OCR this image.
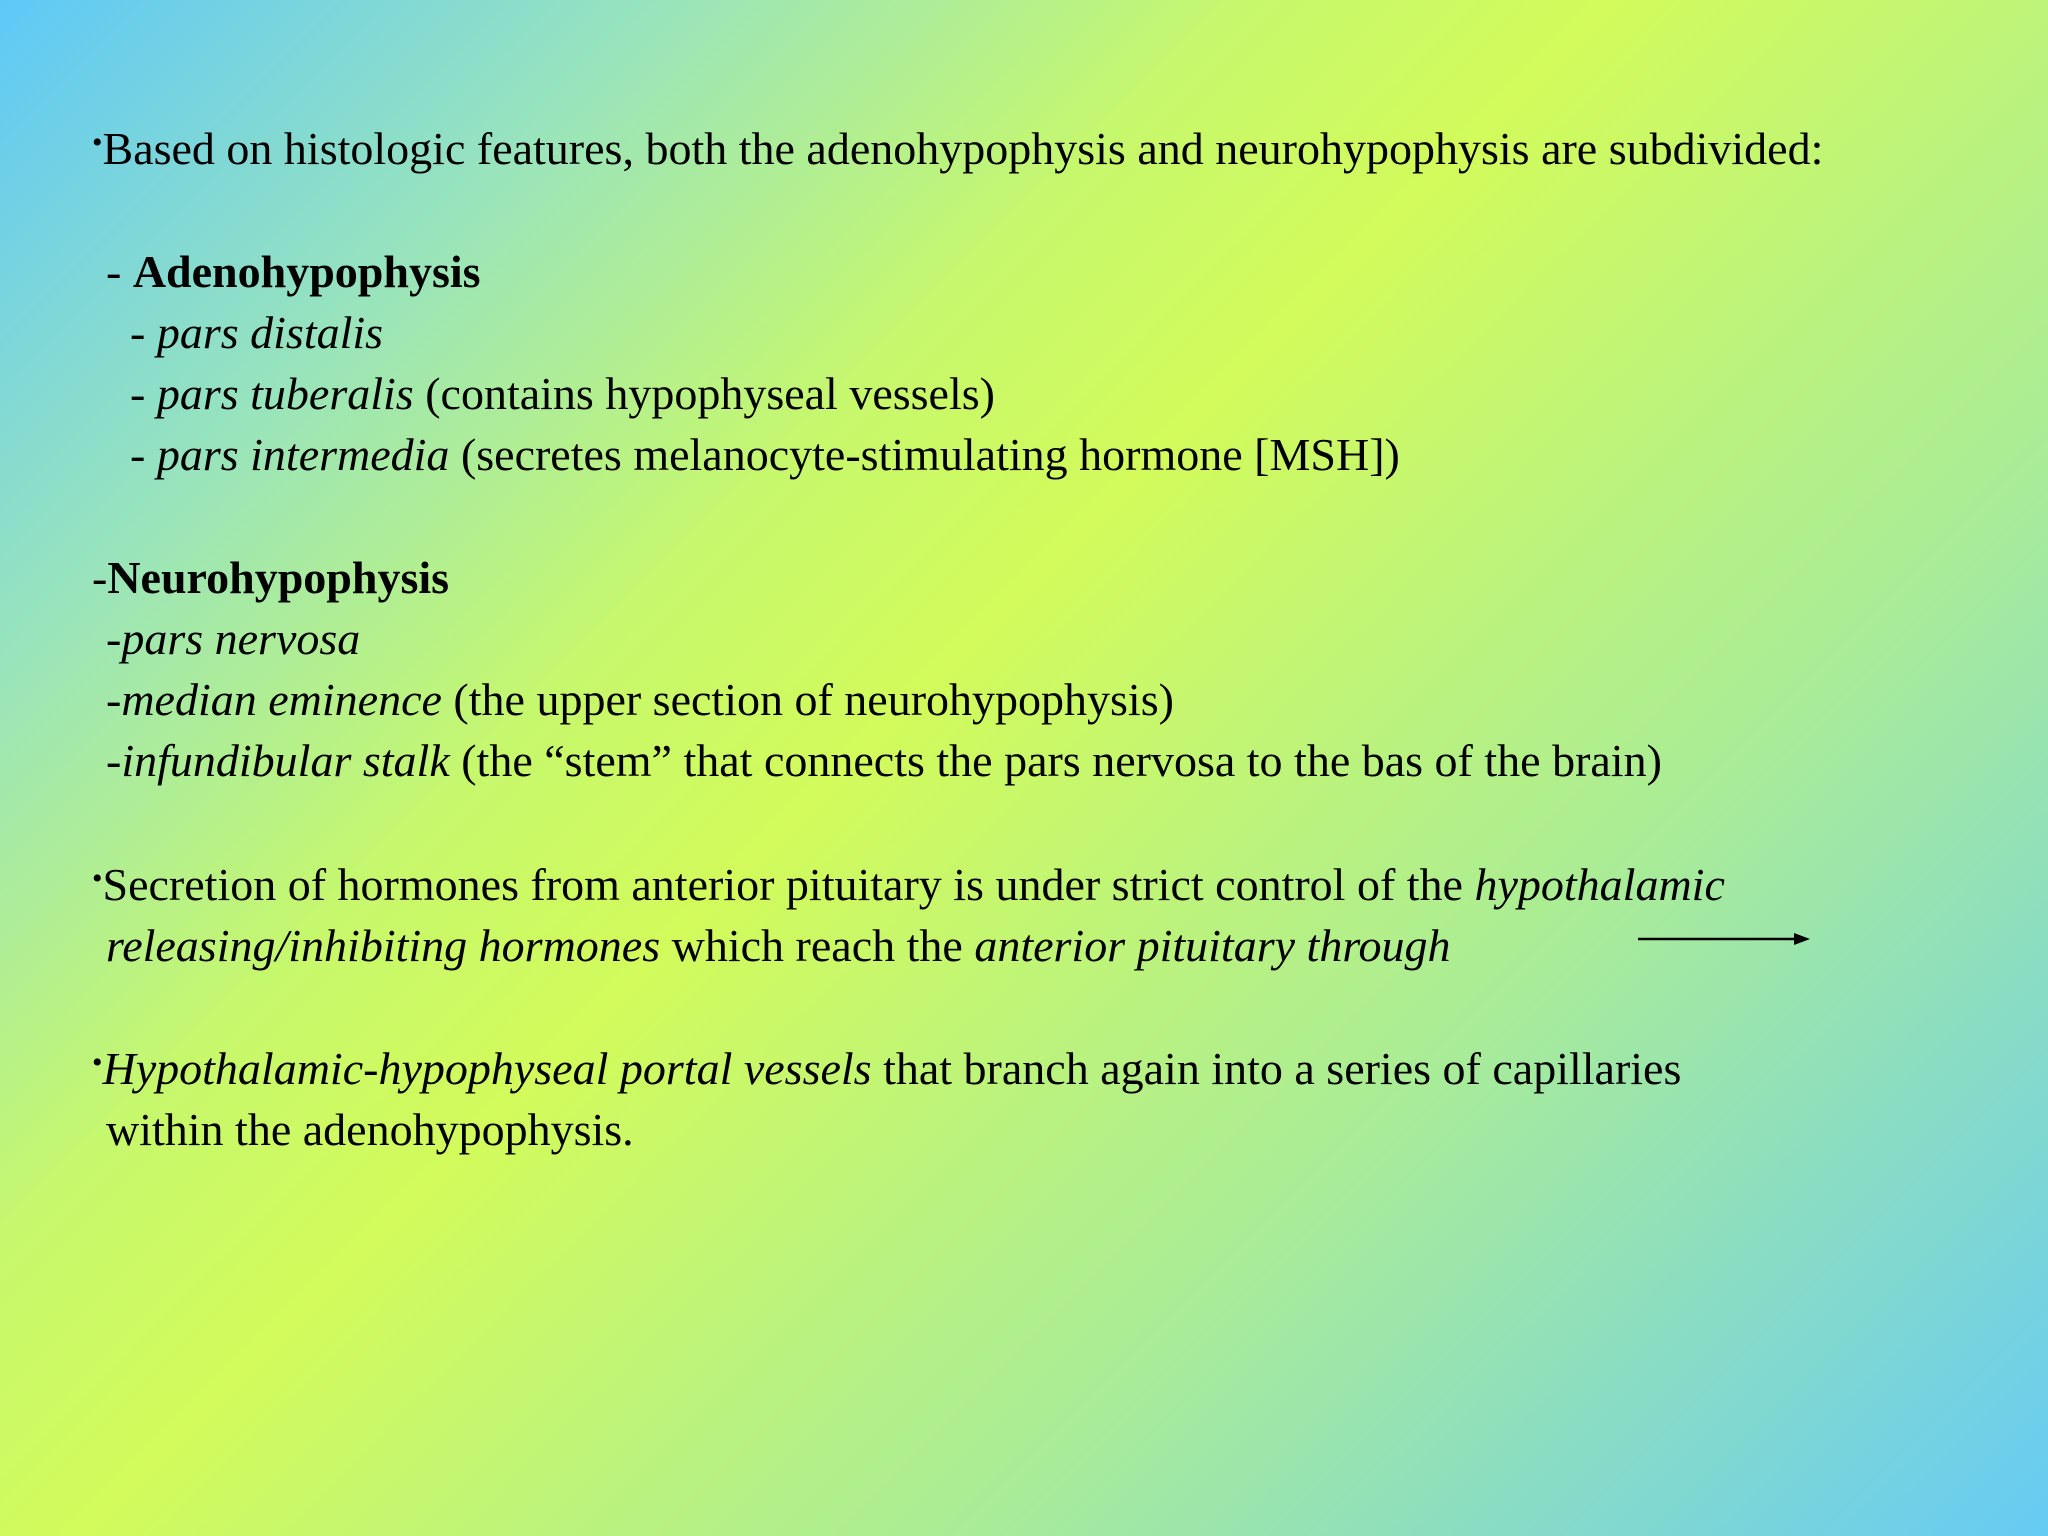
•Based on histologic features, both the adenohypophysis and neurohypophysis are subdivided:
- Adenohypophysis
- pars distalis
- pars tuberalis (contains hypophyseal vessels)
- pars intermedia (secretes melanocyte-stimulating hormone [MSH])
-Neurohypophysis
-pars nervosa
-median eminence (the upper section of neurohypophysis)
-infundibular stalk (the “stem” that connects the pars nervosa to the bas of the brain)
•Secretion of hormones from anterior pituitary is under strict control of the hypothalamic
releasing/inhibiting hormones which reach the anterior pituitary through
•Hypothalamic-hypophyseal portal vessels that branch again into a series of capillaries
within the adenohypophysis.
